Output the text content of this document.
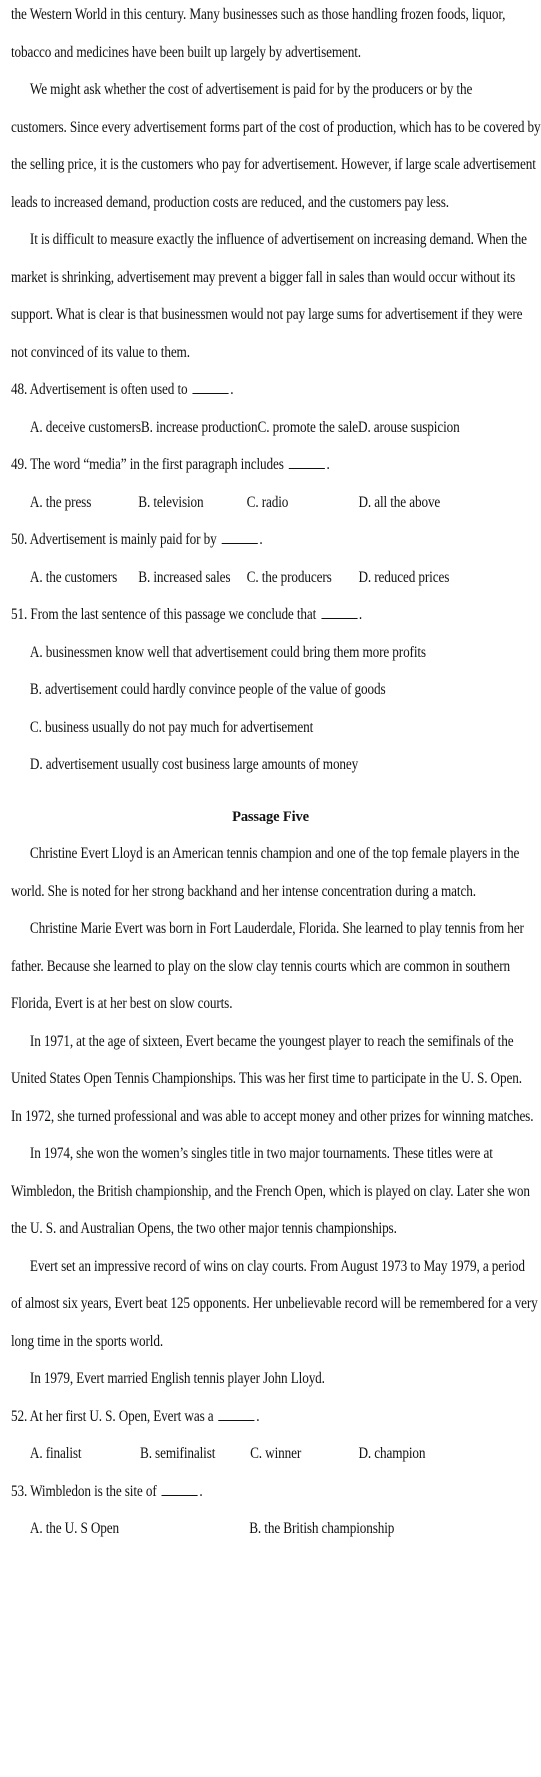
the Western World in this century. Many businesses such as those handling frozen foods, liquor,
tobacco and medicines have been built up largely by advertisement.
We might ask whether the cost of advertisement is paid for by the producers or by the
customers. Since every advertisement forms part of the cost of production, which has to be covered by
the selling price, it is the customers who pay for advertisement. However, if large scale advertisement
leads to increased demand, production costs are reduced, and the customers pay less.
It is difficult to measure exactly the influence of advertisement on increasing demand. When the
market is shrinking, advertisement may prevent a bigger fall in sales than would occur without its
support. What is clear is that businessmen would not pay large sums for advertisement if they were
not convinced of its value to them.
48. Advertisement is often used to	.
A. deceive customers B. increase production C. promote the sale D. arouse suspicion
49. The word “media” in the first paragraph includes	.
A. the press	B. television	C. radio	D. all the above
50. Advertisement is mainly paid for by	.
A. the customers	B. increased sales	C. the producers	D. reduced prices
51. From the last sentence of this passage we conclude that	.
A. businessmen know well that advertisement could bring them more profits
B. advertisement could hardly convince people of the value of goods
C. business usually do not pay much for advertisement
D. advertisement usually cost business large amounts of money
Passage Five
Christine Evert Lloyd is an American tennis champion and one of the top female players in the
world. She is noted for her strong backhand and her intense concentration during a match.
Christine Marie Evert was born in Fort Lauderdale, Florida. She learned to play tennis from her
father. Because she learned to play on the slow clay tennis courts which are common in southern
Florida, Evert is at her best on slow courts.
In 1971, at the age of sixteen, Evert became the youngest player to reach the semifinals of the
United States Open Tennis Championships. This was her first time to participate in the U. S. Open.
In 1972, she turned professional and was able to accept money and other prizes for winning matches.
In 1974, she won the women’s singles title in two major tournaments. These titles were at
Wimbledon, the British championship, and the French Open, which is played on clay. Later she won
the U. S. and Australian Opens, the two other major tennis championships.
Evert set an impressive record of wins on clay courts. From August 1973 to May 1979, a period
of almost six years, Evert beat 125 opponents. Her unbelievable record will be remembered for a very
long time in the sports world.
In 1979, Evert married English tennis player John Lloyd.
52. At her first U. S. Open, Evert was a	.
A. finalist	B. semifinalist	C. winner	D. champion
53. Wimbledon is the site of	.
A. the U. S Open	B. the British championship
